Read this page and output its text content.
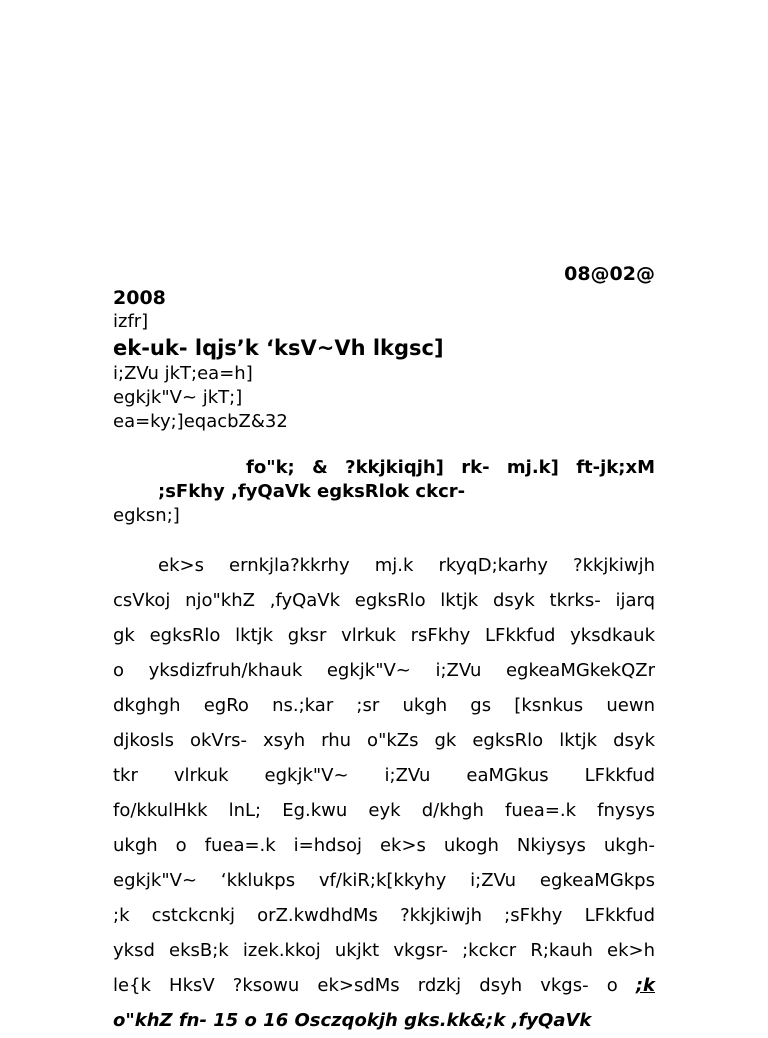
08@02@
2008
izfr]
ek-uk- lqjs’k ‘ksV~Vh lkgsc]
i;ZVu jkT;ea=h]
egkjk"V~ jkT;]
ea=ky;]eqacbZ&32
fo"k; & ?kkjkiqjh] rk- mj.k] ft-jk;xM
;sFkhy ,fyQaVk egksRlok ckcr-
egksn;]
ek>s ernkjla?kkrhy mj.k rkyqD;karhy ?kkjkiwjh
csVkoj njo"khZ ,fyQaVk egksRlo lktjk dsyk tkrks- ijarq
gk egksRlo lktjk gksr vlrkuk rsFkhy LFkkfud yksdkauk
o yksdizfruh/khauk egkjk"V~ i;ZVu egkeaMGkekQZr
dkghgh egRo ns.;kar ;sr ukgh gs [ksnkus uewn
djkosls okVrs- xsyh rhu o"kZs gk egksRlo lktjk dsyk
tkr vlrkuk egkjk"V~ i;ZVu eaMGkus LFkkfud
fo/kkulHkk lnL; Eg.kwu eyk d/khgh fuea=.k fnysys
ukgh o fuea=.k i=hdsoj ek>s ukogh Nkiysys ukgh-
egkjk"V~ ‘kklukps vf/kiR;k[kkyhy i;ZVu egkeaMGkps
;k cstckcnkj orZ.kwdhdMs ?kkjkiwjh ;sFkhy LFkkfud
yksd eksB;k izek.kkoj ukjkt vkgsr- ;kckcr R;kauh ek>h
le{k HksV ?ksowu ek>sdMs rdzkj dsyh vkgs- o ;k
o"khZ fn- 15 o 16 Osczqokjh gks.kk&;k ,fyQaVk
